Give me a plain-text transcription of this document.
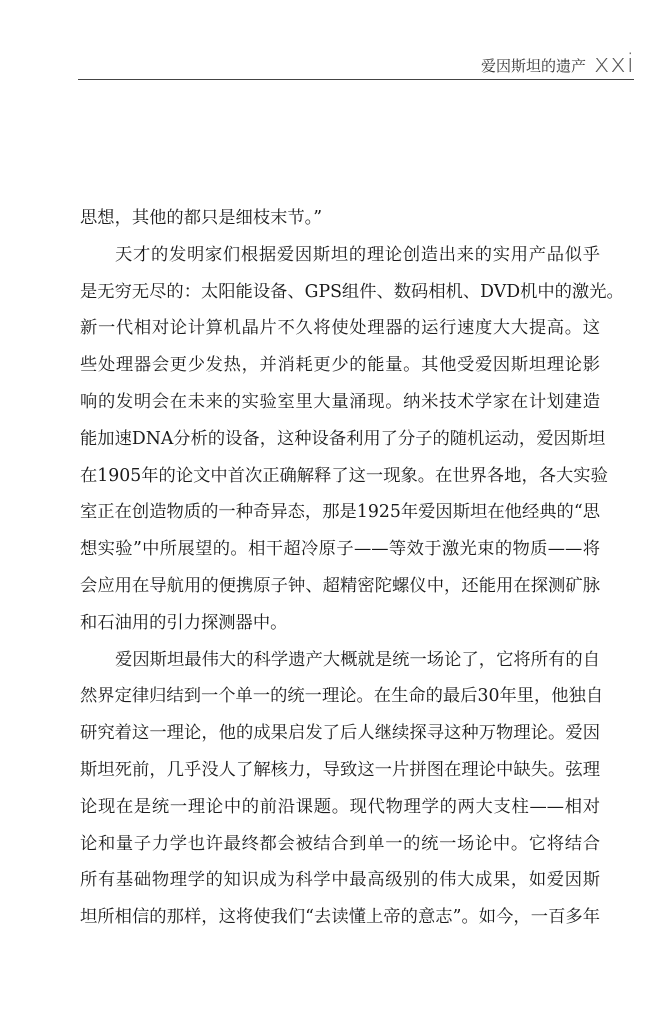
爱因斯坦的遗产 xxi
思想，其他的都只是细枝末节。”
天才的发明家们根据爱因斯坦的理论创造出来的实用产品似乎
是无穷无尽的：太阳能设备、GPS组件、数码相机、DVD机中的激光。
新一代相对论计算机晶片不久将使处理器的运行速度大大提高。这
些处理器会更少发热，并消耗更少的能量。其他受爱因斯坦理论影
响的发明会在未来的实验室里大量涌现。纳米技术学家在计划建造
能加速DNA分析的设备，这种设备利用了分子的随机运动，爱因斯坦
在1905年的论文中首次正确解释了这一现象。在世界各地，各大实验
室正在创造物质的一种奇异态，那是1925年爱因斯坦在他经典的“思
想实验”中所展望的。相干超冷原子——等效于激光束的物质——将
会应用在导航用的便携原子钟、超精密陀螺仪中，还能用在探测矿脉
和石油用的引力探测器中。
爱因斯坦最伟大的科学遗产大概就是统一场论了，它将所有的自
然界定律归结到一个单一的统一理论。在生命的最后30年里，他独自
研究着这一理论，他的成果启发了后人继续探寻这种万物理论。爱因
斯坦死前，几乎没人了解核力，导致这一片拼图在理论中缺失。弦理
论现在是统一理论中的前沿课题。现代物理学的两大支柱——相对
论和量子力学也许最终都会被结合到单一的统一场论中。它将结合
所有基础物理学的知识成为科学中最高级别的伟大成果，如爱因斯
坦所相信的那样，这将使我们“去读懂上帝的意志”。如今，一百多年
